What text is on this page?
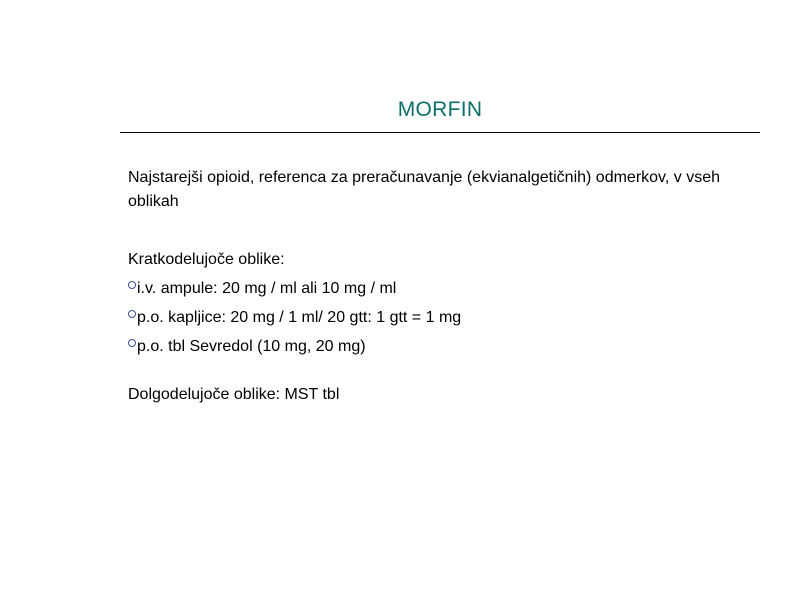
MORFIN

Najstarejši opioid, referenca za preračunavanje (ekvianalgetičnih) odmerkov, v vseh oblikah

Kratkodelujoče oblike:

i.v. ampule: 20 mg / ml ali 10 mg / ml
p.o. kapljice: 20 mg / 1 ml/ 20 gtt: 1 gtt = 1 mg
p.o. tbl Sevredol (10 mg, 20 mg)

Dolgodelujoče oblike: MST tbl
